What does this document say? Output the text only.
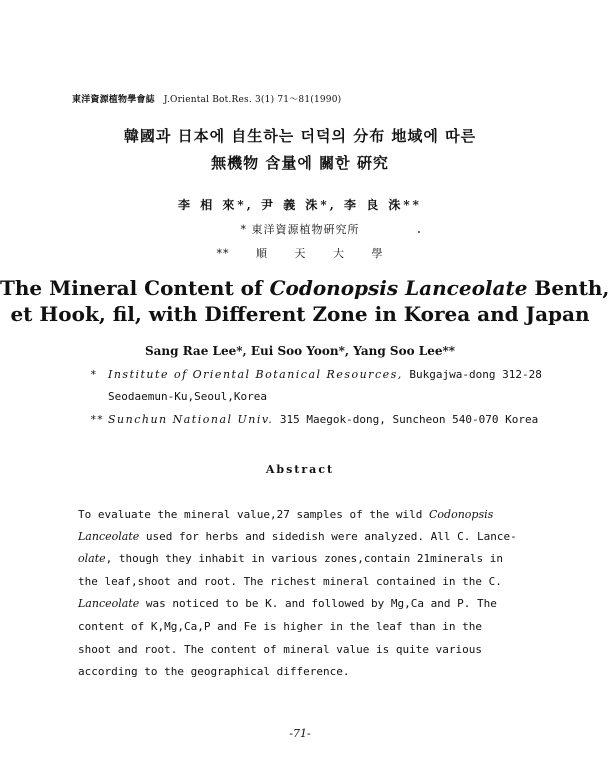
東洋資源植物學會誌 J.Oriental Bot.Res. 3(1) 71～81(1990)
韓國과 日本에 自生하는 더덕의 分布 地域에 따른
無機物 含量에 關한 硏究
李 相 來*, 尹 義 洙*, 李 良 洙**
* 東洋資源植物硏究所
** 順 天 大 學
The Mineral Content of Codonopsis Lanceolate Benth,
et Hook, fil, with Different Zone in Korea and Japan
Sang Rae Lee*, Eui Soo Yoon*, Yang Soo Lee**
* Institute of Oriental Botanical Resources, Bukgajwa-dong 312-28
Seodaemun-Ku,Seoul,Korea
** Sunchun National Univ. 315 Maegok-dong, Suncheon 540-070 Korea
Abstract
To evaluate the mineral value,27 samples of the wild Codonopsis
Lanceolate used for herbs and sidedish were analyzed. All C. Lance-
olate, though they inhabit in various zones,contain 21minerals in
the leaf,shoot and root. The richest mineral contained in the C.
Lanceolate was noticed to be K. and followed by Mg,Ca and P. The
content of K,Mg,Ca,P and Fe is higher in the leaf than in the
shoot and root. The content of mineral value is quite various
according to the geographical difference.
-71-
